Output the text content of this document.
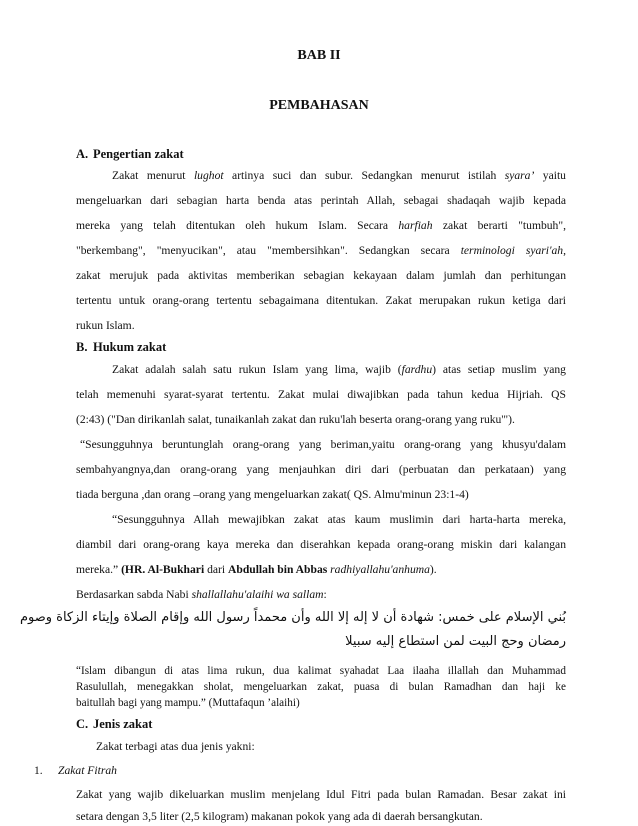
BAB II
PEMBAHASAN
A. Pengertian zakat
Zakat menurut lughot artinya suci dan subur. Sedangkan menurut istilah syara’ yaitu
mengeluarkan dari sebagian harta benda atas perintah Allah, sebagai shadaqah wajib kepada
mereka yang telah ditentukan oleh hukum Islam. Secara harfiah zakat berarti "tumbuh",
"berkembang", "menyucikan", atau "membersihkan". Sedangkan secara terminologi syari'ah,
zakat merujuk pada aktivitas memberikan sebagian kekayaan dalam jumlah dan perhitungan
tertentu untuk orang-orang tertentu sebagaimana ditentukan. Zakat merupakan rukun ketiga dari
rukun Islam.
B. Hukum zakat
Zakat adalah salah satu rukun Islam yang lima, wajib (fardhu) atas setiap muslim yang
telah memenuhi syarat-syarat tertentu. Zakat mulai diwajibkan pada tahun kedua Hijriah. QS
(2:43) ("Dan dirikanlah salat, tunaikanlah zakat dan ruku'lah beserta orang-orang yang ruku'").
“Sesungguhnya beruntunglah orang-orang yang beriman,yaitu orang-orang yang khusyu'dalam
sembahyangnya,dan orang-orang yang menjauhkan diri dari (perbuatan dan perkataan) yang
tiada berguna ,dan orang –orang yang mengeluarkan zakat( QS. Almu'minun 23:1-4)
“Sesungguhnya Allah mewajibkan zakat atas kaum muslimin dari harta-harta mereka,
diambil dari orang-orang kaya mereka dan diserahkan kepada orang-orang miskin dari kalangan
mereka.” (HR. Al-Bukhari dari Abdullah bin Abbas radhiyallahu'anhuma).
Berdasarkan sabda Nabi shallallahu'alaihi wa sallam:
بُني الإسلام على خمس: شهادة أن لا إله إلا الله وأن محمداً رسول الله وإقام الصلاة وإيتاء الزكاة وصوم
رمضان وحج البيت لمن استطاع إليه سبيلا
“Islam dibangun di atas lima rukun, dua kalimat syahadat Laa ilaaha illallah dan Muhammad
Rasulullah, menegakkan sholat, mengeluarkan zakat, puasa di bulan Ramadhan dan haji ke
baitullah bagi yang mampu.” (Muttafaqun ’alaihi)
C. Jenis zakat
Zakat terbagi atas dua jenis yakni:
1. Zakat Fitrah
Zakat yang wajib dikeluarkan muslim menjelang Idul Fitri pada bulan Ramadan. Besar zakat ini
setara dengan 3,5 liter (2,5 kilogram) makanan pokok yang ada di daerah bersangkutan.
